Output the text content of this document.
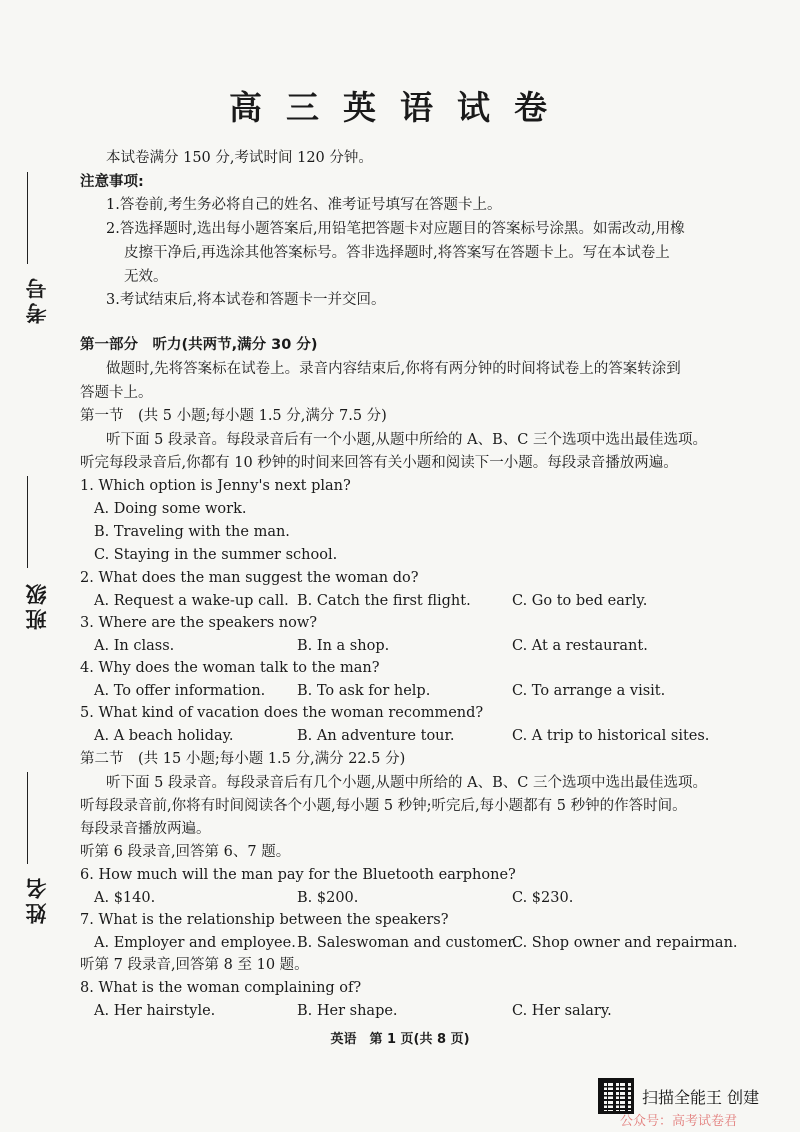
考号
班级
姓名
高三英语试卷
本试卷满分 150 分,考试时间 120 分钟。
注意事项:
1.答卷前,考生务必将自己的姓名、准考证号填写在答题卡上。
2.答选择题时,选出每小题答案后,用铅笔把答题卡对应题目的答案标号涂黑。如需改动,用橡
皮擦干净后,再选涂其他答案标号。答非选择题时,将答案写在答题卡上。写在本试卷上
无效。
3.考试结束后,将本试卷和答题卡一并交回。
第一部分　听力(共两节,满分 30 分)
做题时,先将答案标在试卷上。录音内容结束后,你将有两分钟的时间将试卷上的答案转涂到
答题卡上。
第一节　(共 5 小题;每小题 1.5 分,满分 7.5 分)
听下面 5 段录音。每段录音后有一个小题,从题中所给的 A、B、C 三个选项中选出最佳选项。
听完每段录音后,你都有 10 秒钟的时间来回答有关小题和阅读下一小题。每段录音播放两遍。
1. Which option is Jenny's next plan?
A. Doing some work.
B. Traveling with the man.
C. Staying in the summer school.
2. What does the man suggest the woman do?
A. Request a wake-up call. B. Catch the first flight.	C. Go to bed early.
3. Where are the speakers now?
A. In class.	B. In a shop.	C. At a restaurant.
4. Why does the woman talk to the man?
A. To offer information. B. To ask for help.	C. To arrange a visit.
5. What kind of vacation does the woman recommend?
A. A beach holiday.	B. An adventure tour.	C. A trip to historical sites.
第二节　(共 15 小题;每小题 1.5 分,满分 22.5 分)
听下面 5 段录音。每段录音后有几个小题,从题中所给的 A、B、C 三个选项中选出最佳选项。
听每段录音前,你将有时间阅读各个小题,每小题 5 秒钟;听完后,每小题都有 5 秒钟的作答时间。
每段录音播放两遍。
听第 6 段录音,回答第 6、7 题。
6. How much will the man pay for the Bluetooth earphone?
A. $140.	B. $200.	C. $230.
7. What is the relationship between the speakers?
A. Employer and employee. B. Saleswoman and customer.
C. Shop owner and repairman.
听第 7 段录音,回答第 8 至 10 题。
8. What is the woman complaining of?
A. Her hairstyle.	B. Her shape.	C. Her salary.
英语　第 1 页(共 8 页)
扫描全能王 创建
公众号：高考试卷君
